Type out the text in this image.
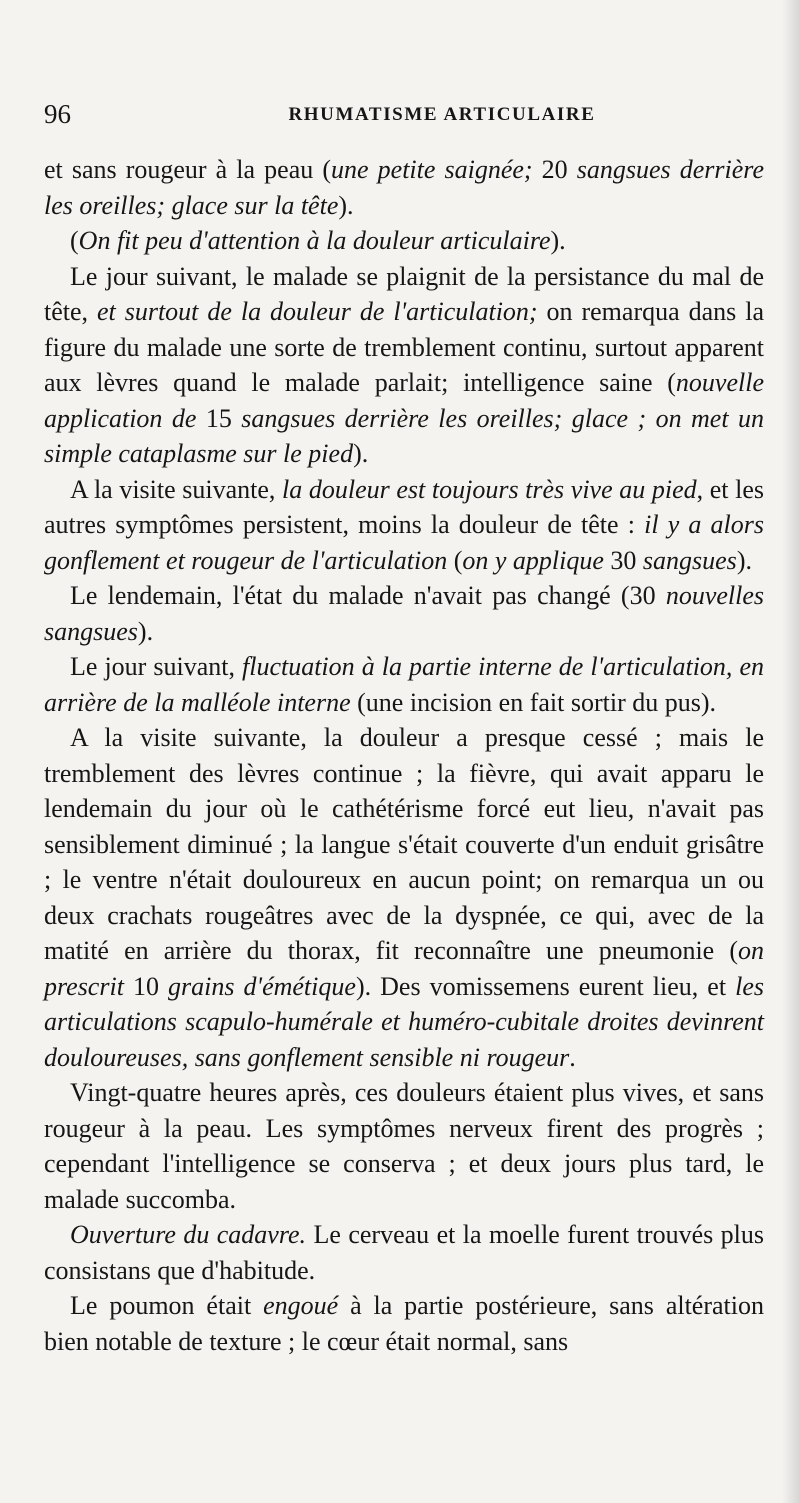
96	RHUMATISME ARTICULAIRE

et sans rougeur à la peau (une petite saignée; 20 sangsues derrière les oreilles; glace sur la tête).

(On fit peu d'attention à la douleur articulaire).

Le jour suivant, le malade se plaignit de la persistance du mal de tête, et surtout de la douleur de l'articulation; on remarqua dans la figure du malade une sorte de tremblement continu, surtout apparent aux lèvres quand le malade parlait; intelligence saine (nouvelle application de 15 sangsues derrière les oreilles; glace ; on met un simple cataplasme sur le pied).

A la visite suivante, la douleur est toujours très vive au pied, et les autres symptômes persistent, moins la douleur de tête : il y a alors gonflement et rougeur de l'articulation (on y applique 30 sangsues).

Le lendemain, l'état du malade n'avait pas changé (30 nouvelles sangsues).

Le jour suivant, fluctuation à la partie interne de l'articulation, en arrière de la malléole interne (une incision en fait sortir du pus).

A la visite suivante, la douleur a presque cessé ; mais le tremblement des lèvres continue ; la fièvre, qui avait apparu le lendemain du jour où le cathétérisme forcé eut lieu, n'avait pas sensiblement diminué ; la langue s'était couverte d'un enduit grisâtre ; le ventre n'était douloureux en aucun point; on remarqua un ou deux crachats rougeâtres avec de la dyspnée, ce qui, avec de la matité en arrière du thorax, fit reconnaître une pneumonie (on prescrit 10 grains d'émétique). Des vomissemens eurent lieu, et les articulations scapulo-humérale et huméro-cubitale droites devinrent douloureuses, sans gonflement sensible ni rougeur.

Vingt-quatre heures après, ces douleurs étaient plus vives, et sans rougeur à la peau. Les symptômes nerveux firent des progrès ; cependant l'intelligence se conserva ; et deux jours plus tard, le malade succomba.

Ouverture du cadavre. Le cerveau et la moelle furent trouvés plus consistans que d'habitude.

Le poumon était engoué à la partie postérieure, sans altération bien notable de texture ; le cœur était normal, sans
